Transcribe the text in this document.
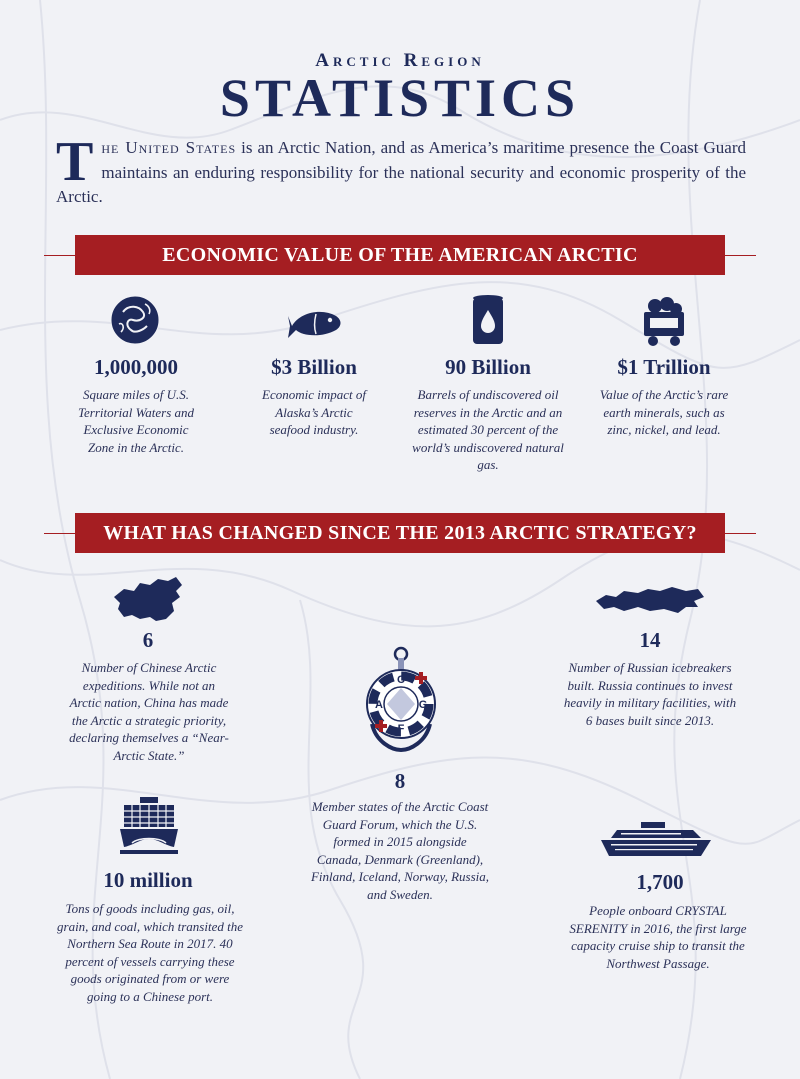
Arctic Region
STATISTICS
The United States is an Arctic Nation, and as America’s maritime presence the Coast Guard maintains an enduring responsibility for the national security and economic prosperity of the Arctic.
ECONOMIC VALUE OF THE AMERICAN ARCTIC
1,000,000
Square miles of U.S. Territorial Waters and Exclusive Economic Zone in the Arctic.
$3 Billion
Economic impact of Alaska’s Arctic seafood industry.
90 Billion
Barrels of undiscovered oil reserves in the Arctic and an estimated 30 percent of the world’s undiscovered natural gas.
$1 Trillion
Value of the Arctic’s rare earth minerals, such as zinc, nickel, and lead.
WHAT HAS CHANGED SINCE THE 2013 ARCTIC STRATEGY?
6
Number of Chinese Arctic expeditions. While not an Arctic nation, China has made the Arctic a strategic priority, declaring themselves a “Near-Arctic State.”
14
Number of Russian icebreakers built. Russia continues to invest heavily in military facilities, with 6 bases built since 2013.
C
A	G
F
8
Member states of the Arctic Coast Guard Forum, which the U.S. formed in 2015 alongside Canada, Denmark (Greenland), Finland, Iceland, Norway, Russia, and Sweden.
10 million
Tons of goods including gas, oil, grain, and coal, which transited the Northern Sea Route in 2017. 40 percent of vessels carrying these goods originated from or were going to a Chinese port.
1,700
People onboard CRYSTAL SERENITY in 2016, the first large capacity cruise ship to transit the Northwest Passage.
